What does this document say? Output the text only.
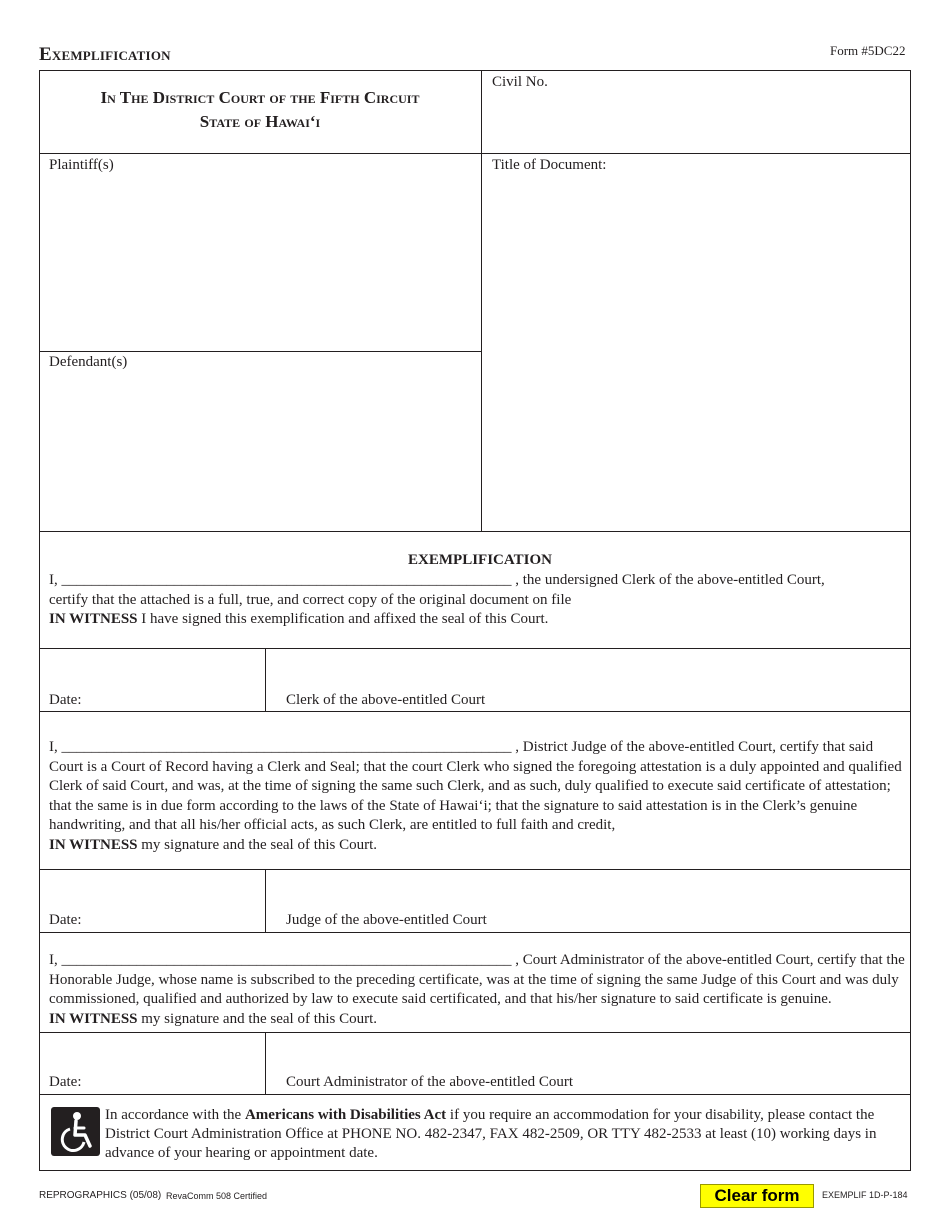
Exemplification	Form #5DC22
In The District Court of the Fifth Circuit
State of Hawai‘i
Civil No.
Plaintiff(s)	Title of Document:
Defendant(s)
EXEMPLIFICATION
I, ____________________________________________________________ , the undersigned Clerk of the above-entitled Court,
certify that the attached is a full, true, and correct copy of the original document on file
IN WITNESS I have signed this exemplification and affixed the seal of this Court.
Date:	Clerk of the above-entitled Court
I, ____________________________________________________________ , District Judge of the above-entitled Court, certify that said Court is a Court of Record having a Clerk and Seal; that the court Clerk who signed the foregoing attestation is a duly appointed and qualified Clerk of said Court, and was, at the time of signing the same such Clerk, and as such, duly qualified to execute said certificate of attestation; that the same is in due form according to the laws of the State of Hawai‘i; that the signature to said attestation is in the Clerk’s genuine handwriting, and that all his/her official acts, as such Clerk, are entitled to full faith and credit,
IN WITNESS my signature and the seal of this Court.
Date:	Judge of the above-entitled Court
I, ____________________________________________________________ , Court Administrator of the above-entitled Court, certify that the Honorable Judge, whose name is subscribed to the preceding certificate, was at the time of signing the same Judge of this Court and was duly commissioned, qualified and authorized by law to execute said certificated, and that his/her signature to said certificate is genuine.
IN WITNESS my signature and the seal of this Court.
Date:	Court Administrator of the above-entitled Court
In accordance with the Americans with Disabilities Act if you require an accommodation for your disability, please contact the District Court Administration Office at PHONE NO. 482-2347, FAX 482-2509, OR TTY 482-2533 at least (10) working days in advance of your hearing or appointment date.
REPROGRAPHICS (05/08) RevaComm 508 Certified	Clear form	EXEMPLIF 1D-P-184
